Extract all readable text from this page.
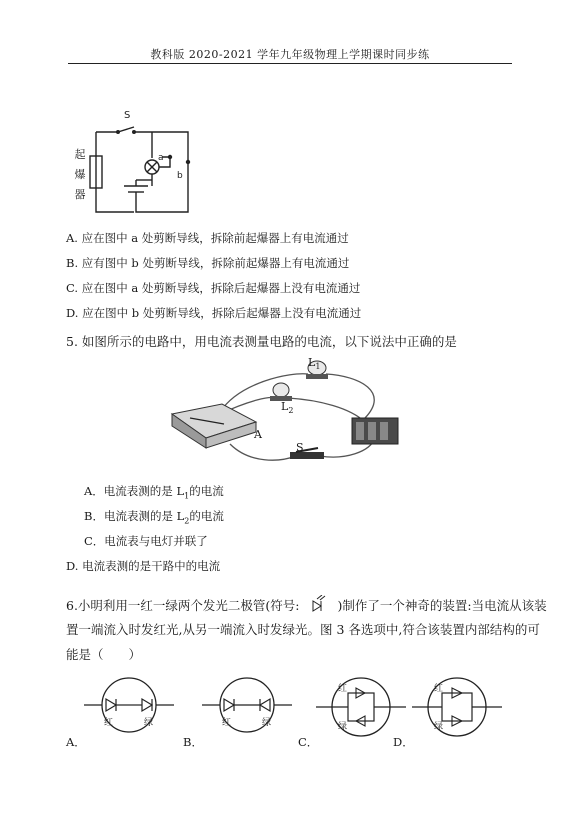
教科版 2020-2021 学年九年级物理上学期课时同步练
S
a
b
起爆器
A. 应在图中 a 处剪断导线，拆除前起爆器上有电流通过
B. 应有图中 b 处剪断导线，拆除前起爆器上有电流通过
C. 应在图中 a 处剪断导线，拆除后起爆器上没有电流通过
D. 应在图中 b 处剪断导线，拆除后起爆器上没有电流通过
5. 如图所示的电路中，用电流表测量电路的电流，以下说法中正确的是
$L_1$
$L_2$
A
S
A．电流表测的是 $L_1$的电流
B．电流表测的是 $L_2$的电流
C．电流表与电灯并联了
D. 电流表测的是干路中的电流
6.小明利用一红一绿两个发光二极管(符号:	)制作了一个神奇的装置:当电流从该装
置一端流入时发红光,从另一端流入时发绿光。图 3 各选项中,符合该装置内部结构的可
能是（　　）
红	绿
A．
红	绿
B．
红
绿
C．
红
绿
D．
